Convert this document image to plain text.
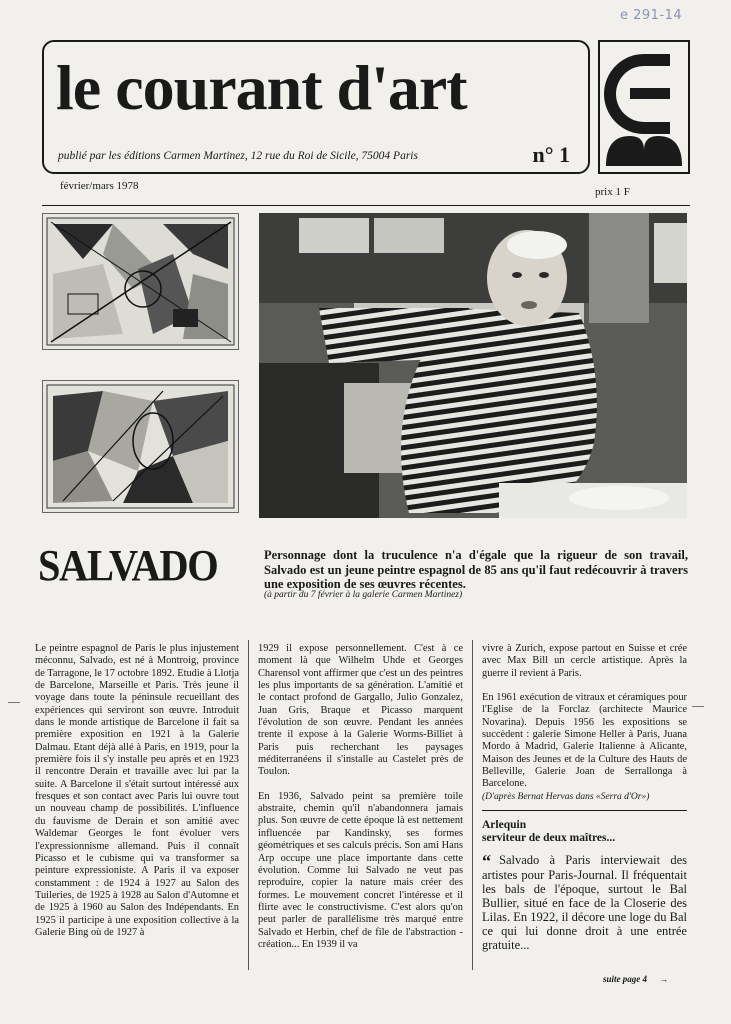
e 291-14
le courant d'art
publié par les éditions Carmen Martinez, 12 rue du Roi de Sicile, 75004 Paris	n° 1
février/mars 1978	prix 1 F
SALVADO	Personnage dont la truculence n'a d'égale que la rigueur de son travail, Salvado est un jeune peintre espagnol de 85 ans qu'il faut redécouvrir à travers une exposition de ses œuvres récentes.
(à partir du 7 février à la galerie Carmen Martinez)

Le peintre espagnol de Paris le plus injustement méconnu, Salvado, est né à Montroig, province de Tarragone, le 17 octobre 1892. Etudie à Llotja de Barcelone, Marseille et Paris. Très jeune il voyage dans toute la péninsule recueillant des expériences qui serviront son œuvre. Introduit dans le monde artistique de Barcelone il fait sa première exposition en 1921 à la Galerie Dalmau. Etant déjà allé à Paris, en 1919, pour la première fois il s'y installe peu après et en 1923 il rencontre Derain et travaille avec lui par la suite. A Barcelone il s'était surtout intéressé aux fresques et son contact avec Paris lui ouvre tout un nouveau champ de possibilités. L'influence du fauvisme de Derain et son amitié avec Waldemar Georges le font évoluer vers l'expressionnisme allemand. Puis il connaît Picasso et le cubisme qui va transformer sa peinture expressioniste. A Paris il va exposer constamment : de 1924 à 1927 au Salon des Tuileries, de 1925 à 1928 au Salon d'Automne et de 1925 à 1960 au Salon des Indépendants. En 1925 il participe à une exposition collective à la Galerie Bing où de 1927 à

1929 il expose personnellement. C'est à ce moment là que Wilhelm Uhde et Georges Charensol vont affirmer que c'est un des peintres les plus importants de sa génération. L'amitié et le contact profond de Gargallo, Julio Gonzalez, Juan Gris, Braque et Picasso marquent l'évolution de son œuvre. Pendant les années trente il expose à la Galerie Worms-Billiet à Paris puis recherchant les paysages méditerranéens il s'installe au Castelet près de Toulon.

En 1936, Salvado peint sa première toile abstraite, chemin qu'il n'abandonnera jamais plus. Son œuvre de cette époque là est nettement influencée par Kandinsky, ses formes géométriques et ses calculs précis. Son ami Hans Arp occupe une place importante dans cette évolution. Comme lui Salvado ne veut pas reproduire, copier la nature mais créer des formes. Le mouvement concret l'intéresse et il flirte avec le constructivisme. C'est alors qu'on peut parler de parallélisme très marqué entre Salvado et Herbin, chef de file de l'abstraction - création... En 1939 il va

vivre à Zurich, expose partout en Suisse et crée avec Max Bill un cercle artistique. Après la guerre il revient à Paris.

En 1961 exécution de vitraux et céramiques pour l'Eglise de la Forclaz (architecte Maurice Novarina). Depuis 1956 les expositions se succèdent : galerie Simone Heller à Paris, Juana Mordo à Madrid, Galerie Italienne à Alicante, Maison des Jeunes et de la Culture des Hauts de Belleville, Galerie Joan de Serrallonga à Barcelone.

(D'après Bernat Hervas dans «Serra d'Or»)

Arlequin
serviteur de deux maîtres...
“ Salvado à Paris interviewait des artistes pour Paris-Journal. Il fréquentait les bals de l'époque, surtout le Bal Bullier, situé en face de la Closerie des Lilas. En 1922, il décore une loge du Bal ce qui lui donne droit à une entrée gratuite...
suite page 4 →
